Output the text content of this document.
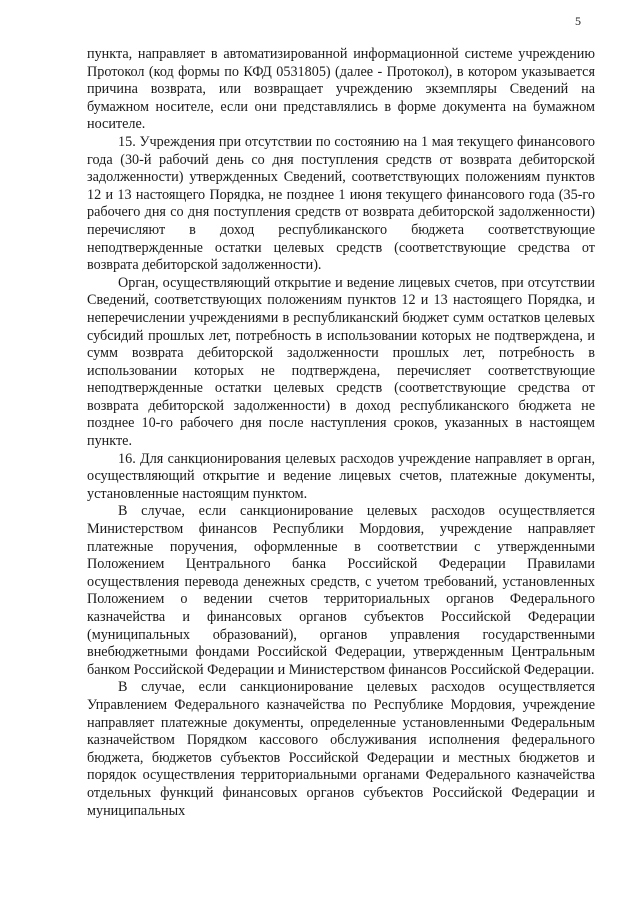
5

пункта, направляет в автоматизированной информационной системе учреждению Протокол (код формы по КФД 0531805) (далее - Протокол), в котором указывается причина возврата, или возвращает учреждению экземпляры Сведений на бумажном носителе, если они представлялись в форме документа на бумажном носителе.

15. Учреждения при отсутствии по состоянию на 1 мая текущего финансового года (30-й рабочий день со дня поступления средств от возврата дебиторской задолженности) утвержденных Сведений, соответствующих положениям пунктов 12 и 13 настоящего Порядка, не позднее 1 июня текущего финансового года (35-го рабочего дня со дня поступления средств от возврата дебиторской задолженности) перечисляют в доход республиканского бюджета соответствующие неподтвержденные остатки целевых средств (соответствующие средства от возврата дебиторской задолженности).

Орган, осуществляющий открытие и ведение лицевых счетов, при отсутствии Сведений, соответствующих положениям пунктов 12 и 13 настоящего Порядка, и неперечислении учреждениями в республиканский бюджет сумм остатков целевых субсидий прошлых лет, потребность в использовании которых не подтверждена, и сумм возврата дебиторской задолженности прошлых лет, потребность в использовании которых не подтверждена, перечисляет соответствующие неподтвержденные остатки целевых средств (соответствующие средства от возврата дебиторской задолженности) в доход республиканского бюджета не позднее 10-го рабочего дня после наступления сроков, указанных в настоящем пункте.

16. Для санкционирования целевых расходов учреждение направляет в орган, осуществляющий открытие и ведение лицевых счетов, платежные документы, установленные настоящим пунктом.

В случае, если санкционирование целевых расходов осуществляется Министерством финансов Республики Мордовия, учреждение направляет платежные поручения, оформленные в соответствии с утвержденными Положением Центрального банка Российской Федерации Правилами осуществления перевода денежных средств, с учетом требований, установленных Положением о ведении счетов территориальных органов Федерального казначейства и финансовых органов субъектов Российской Федерации (муниципальных образований), органов управления государственными внебюджетными фондами Российской Федерации, утвержденным Центральным банком Российской Федерации и Министерством финансов Российской Федерации.

В случае, если санкционирование целевых расходов осуществляется Управлением Федерального казначейства по Республике Мордовия, учреждение направляет платежные документы, определенные установленными Федеральным казначейством Порядком кассового обслуживания исполнения федерального бюджета, бюджетов субъектов Российской Федерации и местных бюджетов и порядок осуществления территориальными органами Федерального казначейства отдельных функций финансовых органов субъектов Российской Федерации и муниципальных
